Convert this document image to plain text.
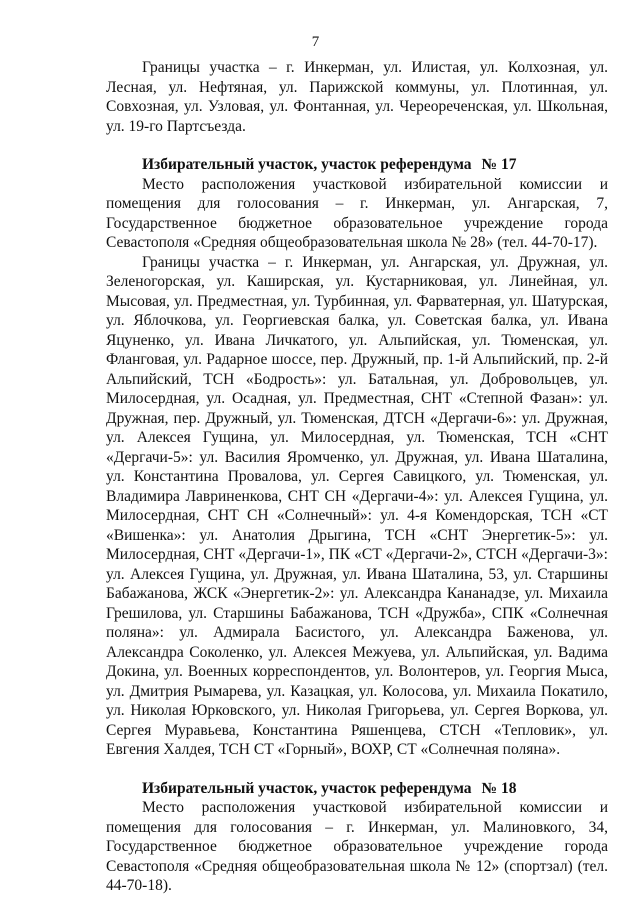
7

Границы участка – г. Инкерман, ул. Илистая, ул. Колхозная, ул. Лесная, ул. Нефтяная, ул. Парижской коммуны, ул. Плотинная, ул. Совхозная, ул. Узловая, ул. Фонтанная, ул. Череореченская, ул. Школьная, ул. 19-го Партсъезда.

Избирательный участок, участок референдума № 17

Место расположения участковой избирательной комиссии и помещения для голосования – г. Инкерман, ул. Ангарская, 7, Государственное бюджетное образовательное учреждение города Севастополя «Средняя общеобразовательная школа № 28» (тел. 44-70-17).

Границы участка – г. Инкерман, ул. Ангарская, ул. Дружная, ул. Зеленогорская, ул. Каширская, ул. Кустарниковая, ул. Линейная, ул. Мысовая, ул. Предместная, ул. Турбинная, ул. Фарватерная, ул. Шатурская, ул. Яблочкова, ул. Георгиевская балка, ул. Советская балка, ул. Ивана Яцуненко, ул. Ивана Личкатого, ул. Альпийская, ул. Тюменская, ул. Фланговая, ул. Радарное шоссе, пер. Дружный, пр. 1-й Альпийский, пр. 2-й Альпийский, ТСН «Бодрость»: ул. Батальная, ул. Добровольцев, ул. Милосердная, ул. Осадная, ул. Предместная, СНТ «Степной Фазан»: ул. Дружная, пер. Дружный, ул. Тюменская, ДТСН «Дергачи-6»: ул. Дружная, ул. Алексея Гущина, ул. Милосердная, ул. Тюменская, ТСН «СНТ «Дергачи-5»: ул. Василия Яромченко, ул. Дружная, ул. Ивана Шаталина, ул. Константина Провалова, ул. Сергея Савицкого, ул. Тюменская, ул. Владимира Лавриненкова, СНТ СН «Дергачи-4»: ул. Алексея Гущина, ул. Милосердная, СНТ СН «Солнечный»: ул. 4-я Комендорская, ТСН «СТ «Вишенка»: ул. Анатолия Дрыгина, ТСН «СНТ Энергетик-5»: ул. Милосердная, СНТ «Дергачи-1», ПК «СТ «Дергачи-2», СТСН «Дергачи-3»: ул. Алексея Гущина, ул. Дружная, ул. Ивана Шаталина, 53, ул. Старшины Бабажанова, ЖСК «Энергетик-2»: ул. Александра Кананадзе, ул. Михаила Грешилова, ул. Старшины Бабажанова, ТСН «Дружба», СПК «Солнечная поляна»: ул. Адмирала Басистого, ул. Александра Баженова, ул. Александра Соколенко, ул. Алексея Межуева, ул. Альпийская, ул. Вадима Докина, ул. Военных корреспондентов, ул. Волонтеров, ул. Георгия Мыса, ул. Дмитрия Рымарева, ул. Казацкая, ул. Колосова, ул. Михаила Покатило, ул. Николая Юрковского, ул. Николая Григорьева, ул. Сергея Воркова, ул. Сергея Муравьева, Константина Ряшенцева, СТСН «Тепловик», ул. Евгения Халдея, ТСН СТ «Горный», ВОХР, СТ «Солнечная поляна».

Избирательный участок, участок референдума № 18

Место расположения участковой избирательной комиссии и помещения для голосования – г. Инкерман, ул. Малиновкого, 34, Государственное бюджетное образовательное учреждение города Севастополя «Средняя общеобразовательная школа № 12» (спортзал) (тел. 44-70-18).
